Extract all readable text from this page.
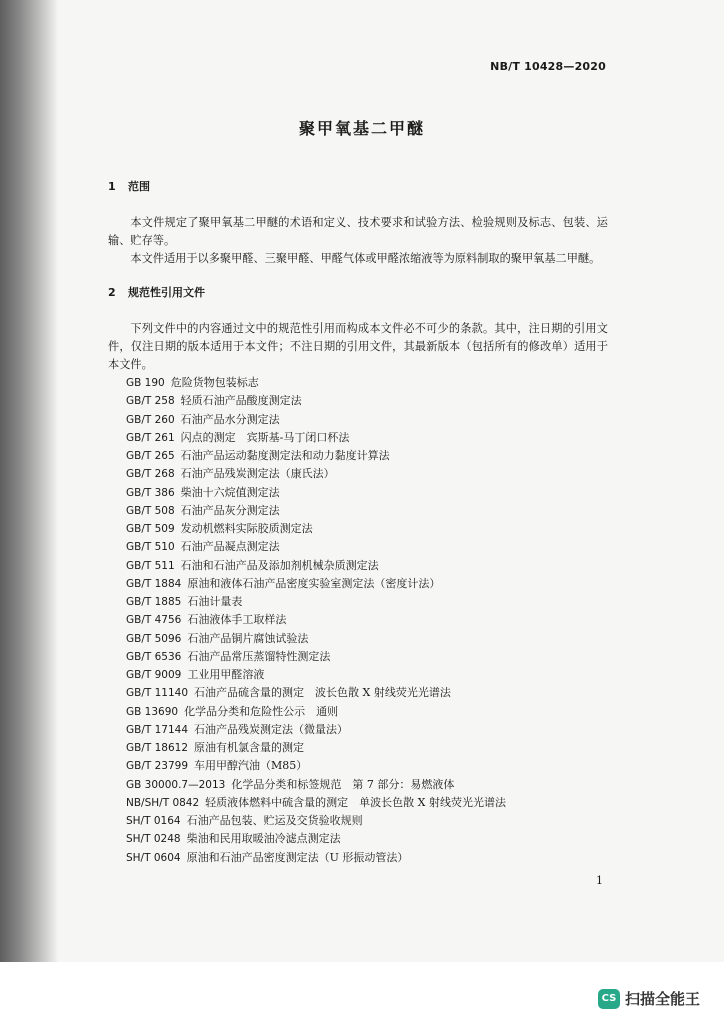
NB/T 10428—2020
聚甲氧基二甲醚
1 范围

本文件规定了聚甲氧基二甲醚的术语和定义、技术要求和试验方法、检验规则及标志、包装、运输、贮存等。

本文件适用于以多聚甲醛、三聚甲醛、甲醛气体或甲醛浓缩液等为原料制取的聚甲氧基二甲醚。

2 规范性引用文件

下列文件中的内容通过文中的规范性引用而构成本文件必不可少的条款。其中，注日期的引用文件，仅注日期的版本适用于本文件；不注日期的引用文件，其最新版本（包括所有的修改单）适用于本文件。

GB 190 危险货物包装标志
GB/T 258 轻质石油产品酸度测定法
GB/T 260 石油产品水分测定法
GB/T 261 闪点的测定　宾斯基-马丁闭口杯法
GB/T 265 石油产品运动黏度测定法和动力黏度计算法
GB/T 268 石油产品残炭测定法（康氏法）
GB/T 386 柴油十六烷值测定法
GB/T 508 石油产品灰分测定法
GB/T 509 发动机燃料实际胶质测定法
GB/T 510 石油产品凝点测定法
GB/T 511 石油和石油产品及添加剂机械杂质测定法
GB/T 1884 原油和液体石油产品密度实验室测定法（密度计法）
GB/T 1885 石油计量表
GB/T 4756 石油液体手工取样法
GB/T 5096 石油产品铜片腐蚀试验法
GB/T 6536 石油产品常压蒸馏特性测定法
GB/T 9009 工业用甲醛溶液
GB/T 11140 石油产品硫含量的测定　波长色散 X 射线荧光光谱法
GB 13690 化学品分类和危险性公示　通则
GB/T 17144 石油产品残炭测定法（微量法）
GB/T 18612 原油有机氯含量的测定
GB/T 23799 车用甲醇汽油（M85）
GB 30000.7—2013 化学品分类和标签规范　第 7 部分：易燃液体
NB/SH/T 0842 轻质液体燃料中硫含量的测定　单波长色散 X 射线荧光光谱法
SH/T 0164 石油产品包装、贮运及交货验收规则
SH/T 0248 柴油和民用取暖油冷滤点测定法
SH/T 0604 原油和石油产品密度测定法（U 形振动管法）
1
CS 扫描全能王
